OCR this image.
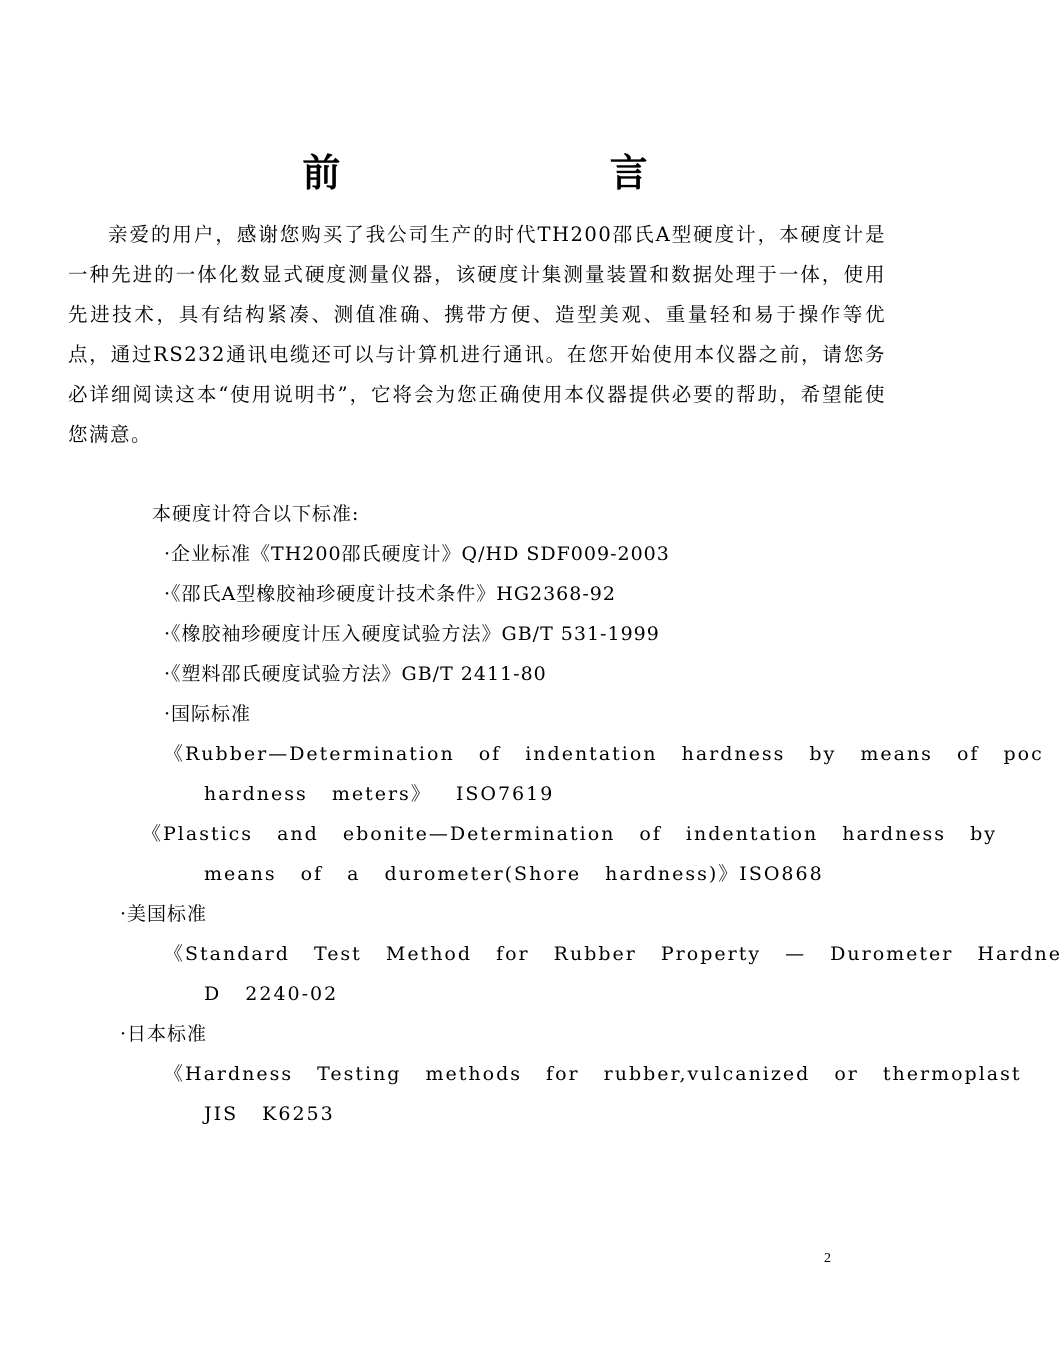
前 言

亲爱的用户，感谢您购买了我公司生产的时代TH200邵氏A型硬度计，本硬度计是一种先进的一体化数显式硬度测量仪器，该硬度计集测量装置和数据处理于一体，使用先进技术，具有结构紧凑、测值准确、携带方便、造型美观、重量轻和易于操作等优点，通过RS232通讯电缆还可以与计算机进行通讯。在您开始使用本仪器之前，请您务必详细阅读这本“使用说明书”，它将会为您正确使用本仪器提供必要的帮助，希望能使您满意。

本硬度计符合以下标准:
·企业标准《TH200邵氏硬度计》Q/HD SDF009-2003
·《邵氏A型橡胶袖珍硬度计技术条件》HG2368-92
·《橡胶袖珍硬度计压入硬度试验方法》GB/T 531-1999
·《塑料邵氏硬度试验方法》GB/T 2411-80
·国际标准
《Rubber—Determination of indentation hardness by means of poc
hardness meters》 ISO7619
《Plastics and ebonite—Determination of indentation hardness by
means of a durometer(Shore hardness)》ISO868
·美国标准
《Standard Test Method for Rubber Property — Durometer Hardne
D 2240-02
·日本标准
《Hardness Testing methods for rubber,vulcanized or thermoplast
JIS K6253
2
